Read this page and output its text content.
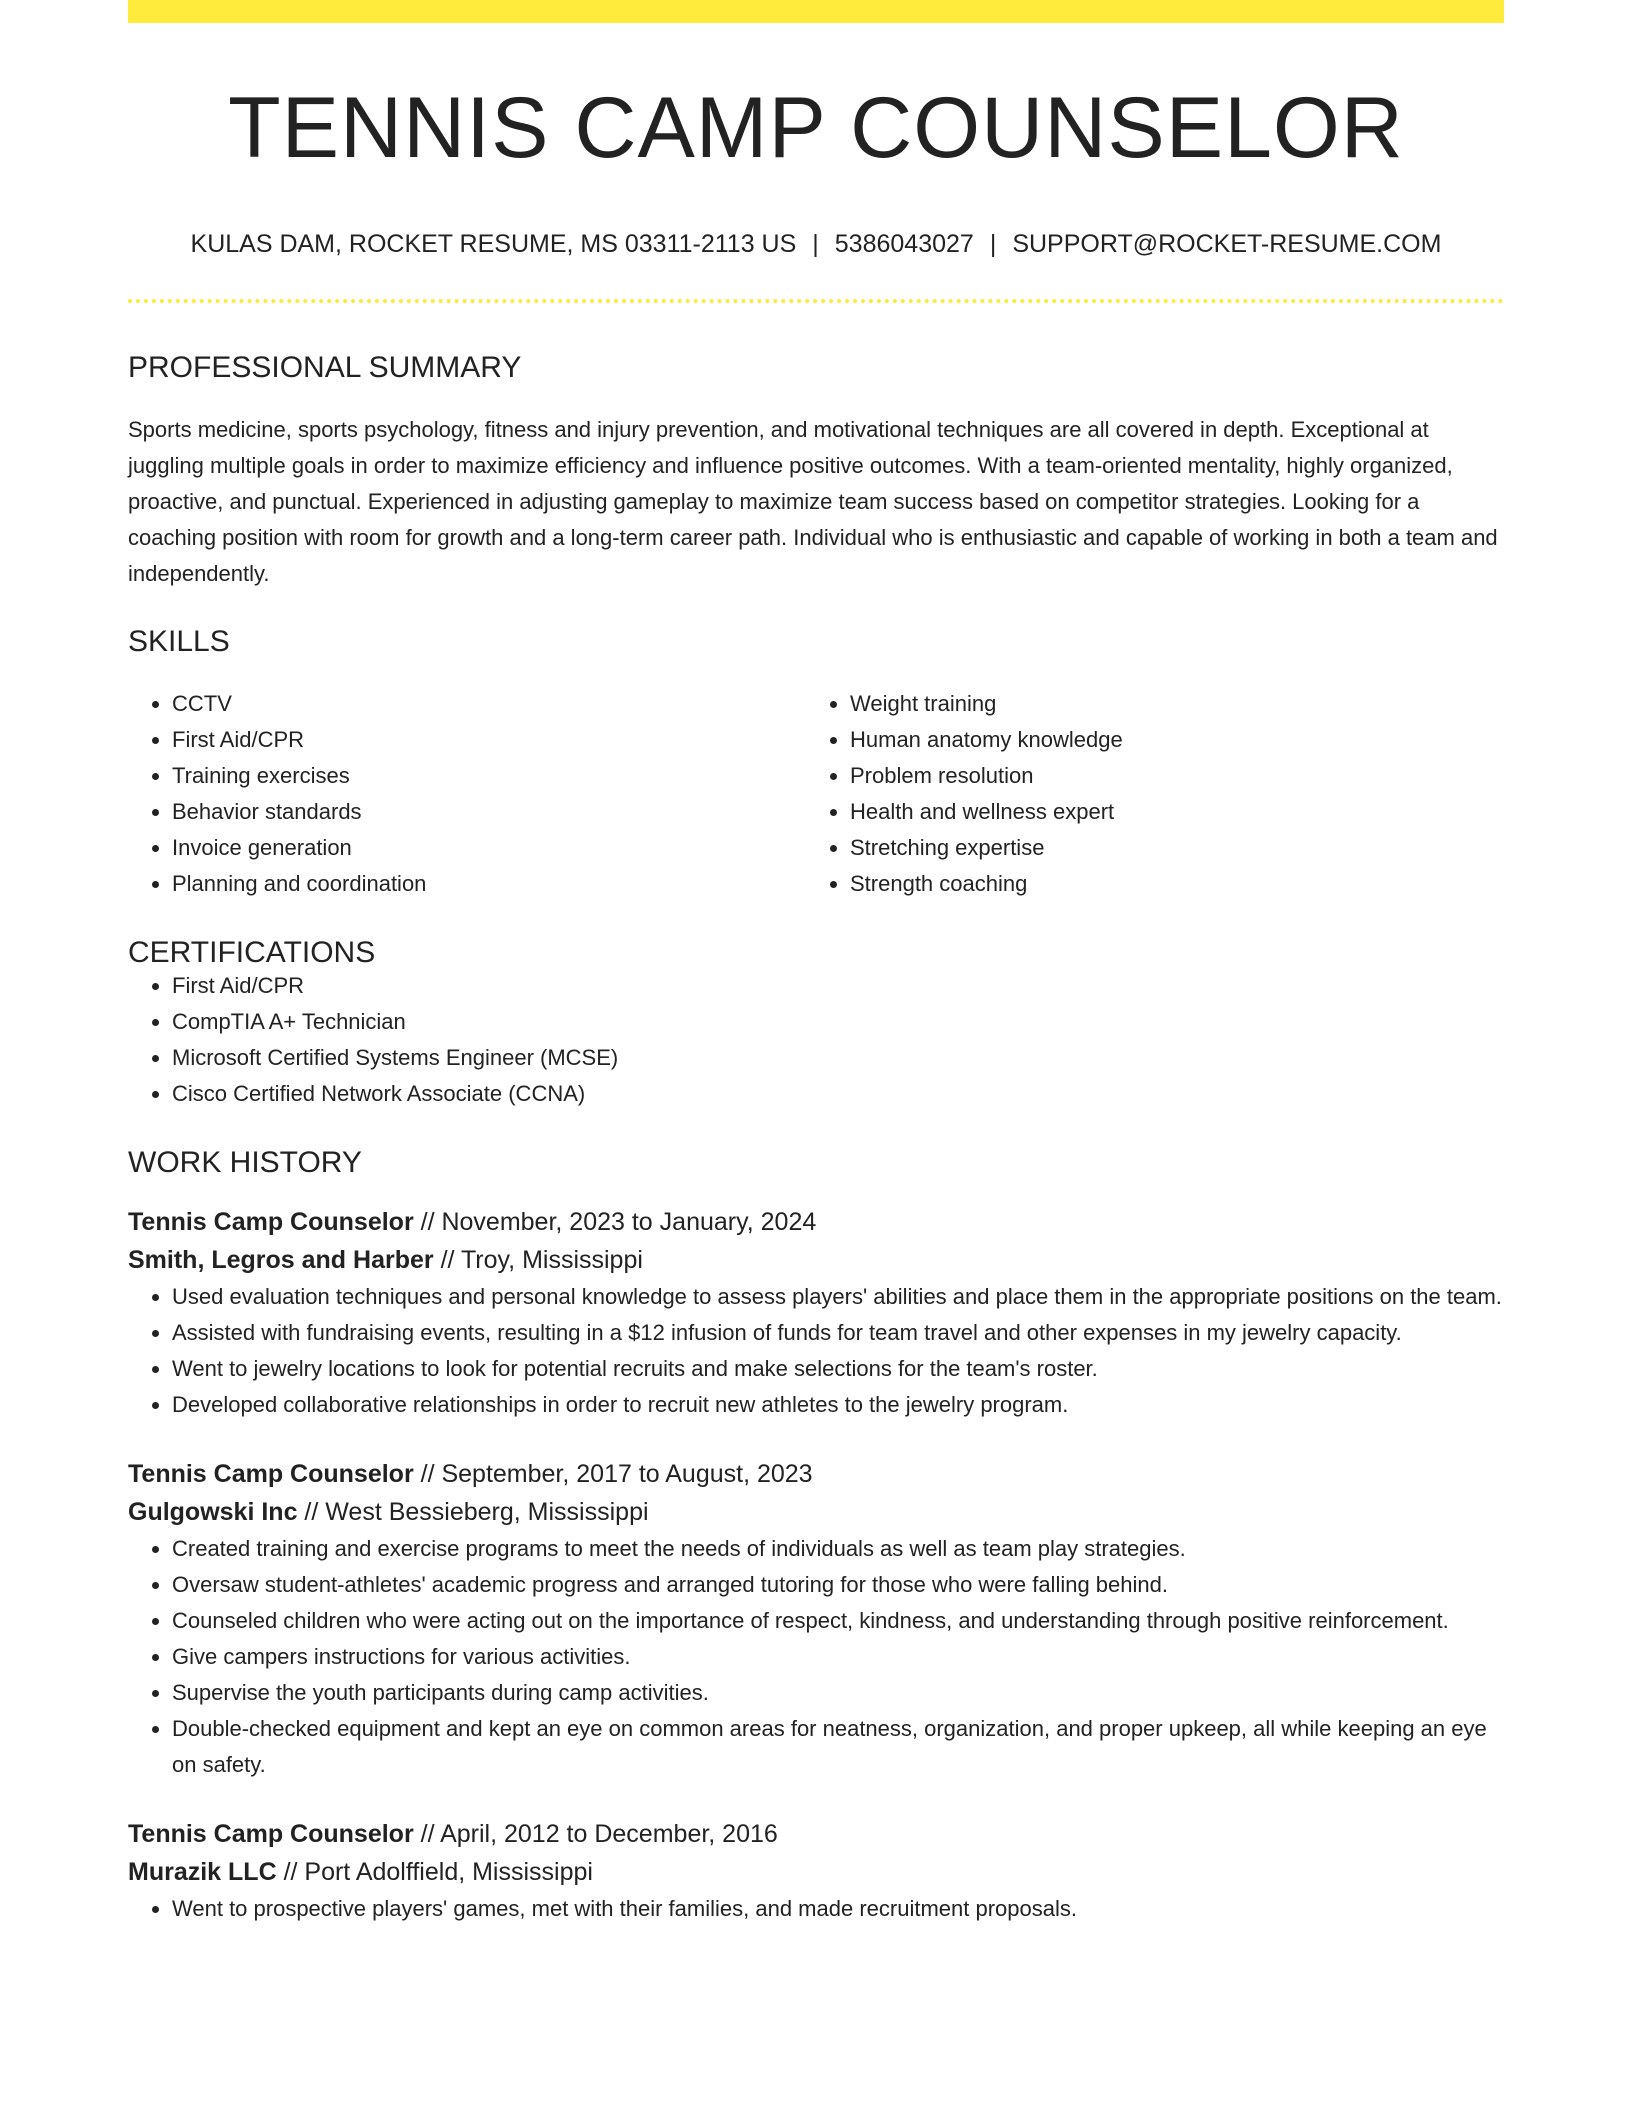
TENNIS CAMP COUNSELOR
KULAS DAM, ROCKET RESUME, MS 03311-2113 US | 5386043027 | SUPPORT@ROCKET-RESUME.COM
PROFESSIONAL SUMMARY
Sports medicine, sports psychology, fitness and injury prevention, and motivational techniques are all covered in depth. Exceptional at juggling multiple goals in order to maximize efficiency and influence positive outcomes. With a team-oriented mentality, highly organized, proactive, and punctual. Experienced in adjusting gameplay to maximize team success based on competitor strategies. Looking for a coaching position with room for growth and a long-term career path. Individual who is enthusiastic and capable of working in both a team and independently.
SKILLS
• CCTV
• First Aid/CPR
• Training exercises
• Behavior standards
• Invoice generation
• Planning and coordination
• Weight training
• Human anatomy knowledge
• Problem resolution
• Health and wellness expert
• Stretching expertise
• Strength coaching
CERTIFICATIONS
• First Aid/CPR
• CompTIA A+ Technician
• Microsoft Certified Systems Engineer (MCSE)
• Cisco Certified Network Associate (CCNA)
WORK HISTORY
Tennis Camp Counselor // November, 2023 to January, 2024
Smith, Legros and Harber // Troy, Mississippi
• Used evaluation techniques and personal knowledge to assess players' abilities and place them in the appropriate positions on the team.
• Assisted with fundraising events, resulting in a $12 infusion of funds for team travel and other expenses in my jewelry capacity.
• Went to jewelry locations to look for potential recruits and make selections for the team's roster.
• Developed collaborative relationships in order to recruit new athletes to the jewelry program.
Tennis Camp Counselor // September, 2017 to August, 2023
Gulgowski Inc // West Bessieberg, Mississippi
• Created training and exercise programs to meet the needs of individuals as well as team play strategies.
• Oversaw student-athletes' academic progress and arranged tutoring for those who were falling behind.
• Counseled children who were acting out on the importance of respect, kindness, and understanding through positive reinforcement.
• Give campers instructions for various activities.
• Supervise the youth participants during camp activities.
• Double-checked equipment and kept an eye on common areas for neatness, organization, and proper upkeep, all while keeping an eye on safety.
Tennis Camp Counselor // April, 2012 to December, 2016
Murazik LLC // Port Adolffield, Mississippi
• Went to prospective players' games, met with their families, and made recruitment proposals.
